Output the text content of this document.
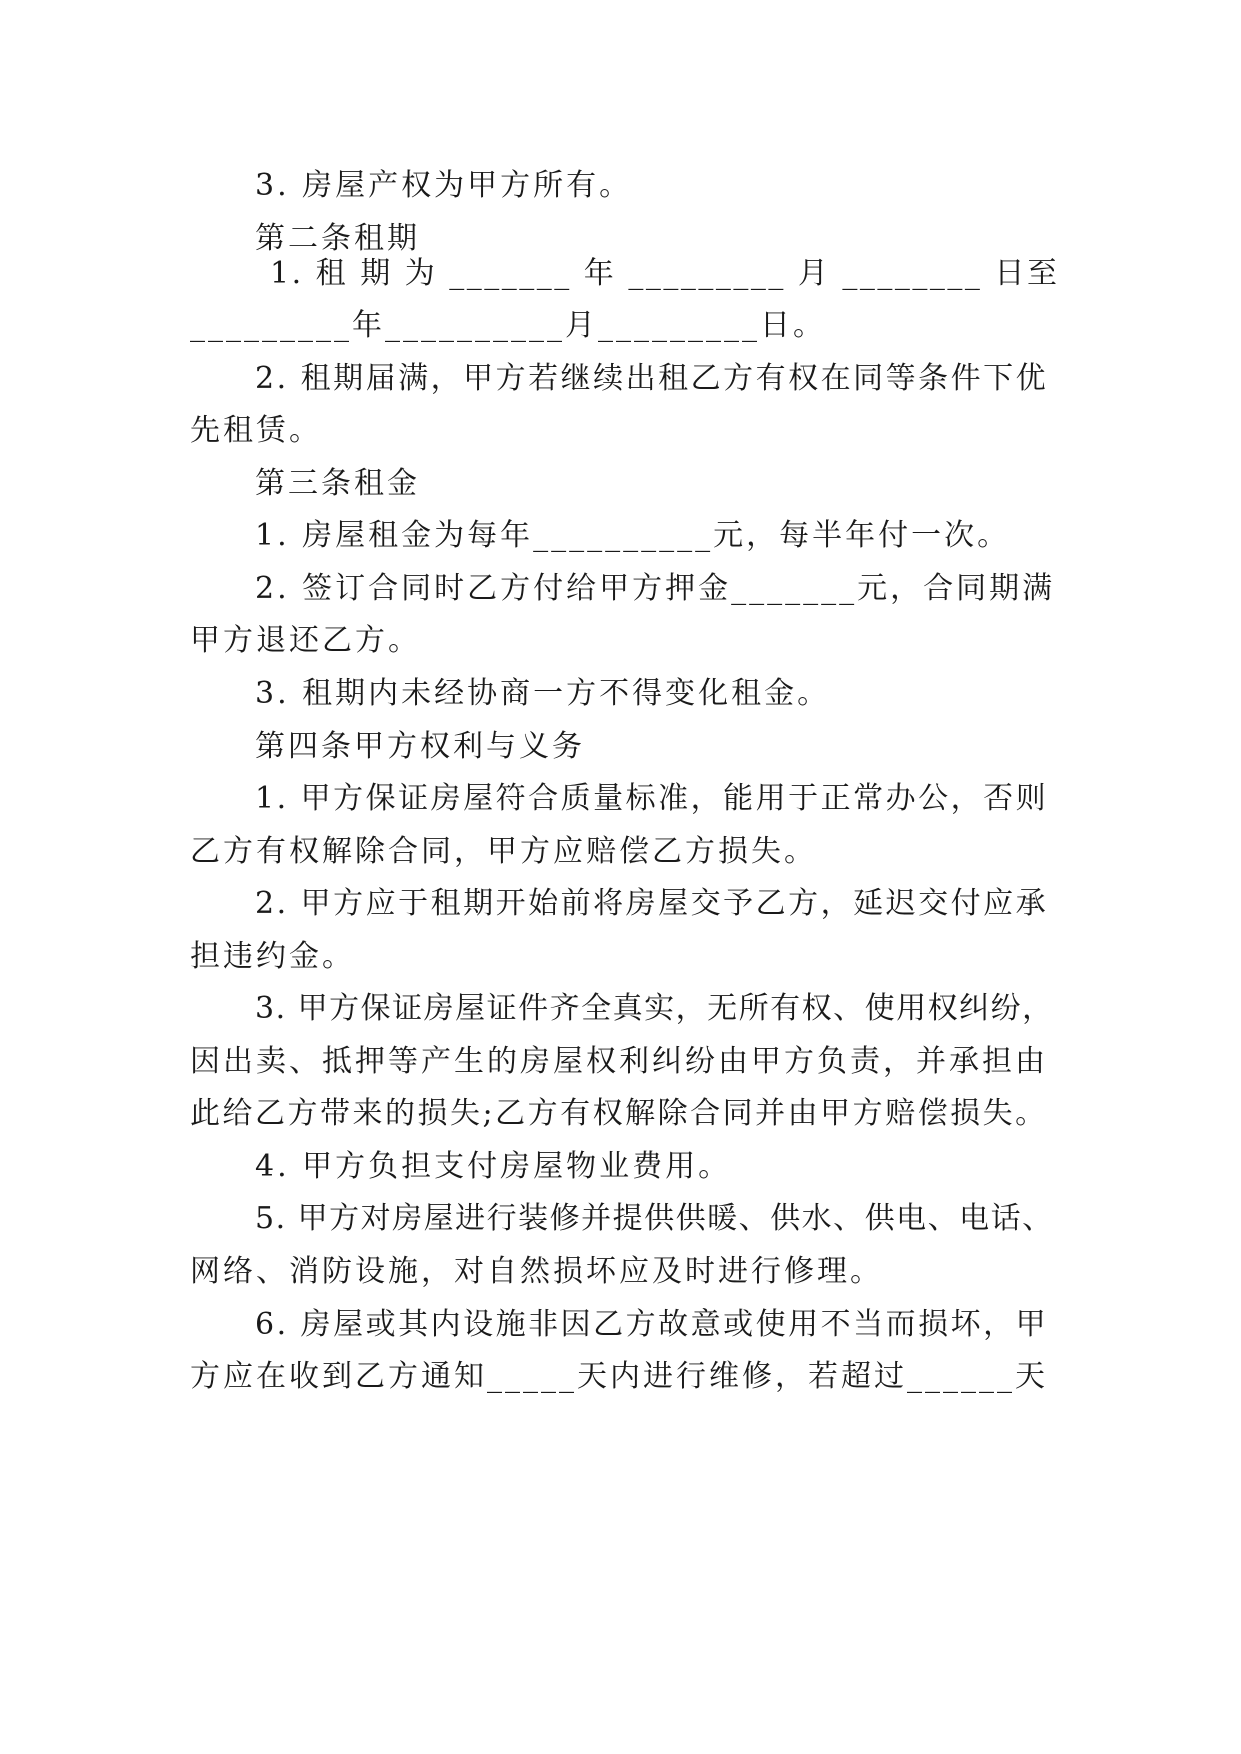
3. 房屋产权为甲方所有。
第二条租期
1. 租 期 为 _______ 年 _________ 月 ________ 日至
_________年__________月_________日。
2. 租期届满，甲方若继续出租乙方有权在同等条件下优
先租赁。
第三条租金
1. 房屋租金为每年__________元，每半年付一次。
2. 签订合同时乙方付给甲方押金_______元，合同期满
甲方退还乙方。
3. 租期内未经协商一方不得变化租金。
第四条甲方权利与义务
1. 甲方保证房屋符合质量标准，能用于正常办公，否则
乙方有权解除合同，甲方应赔偿乙方损失。
2. 甲方应于租期开始前将房屋交予乙方，延迟交付应承
担违约金。
3. 甲方保证房屋证件齐全真实，无所有权、使用权纠纷，
因出卖、抵押等产生的房屋权利纠纷由甲方负责，并承担由
此给乙方带来的损失;乙方有权解除合同并由甲方赔偿损失。
4. 甲方负担支付房屋物业费用。
5. 甲方对房屋进行装修并提供供暖、供水、供电、电话、
网络、消防设施，对自然损坏应及时进行修理。
6. 房屋或其内设施非因乙方故意或使用不当而损坏，甲
方应在收到乙方通知_____天内进行维修，若超过______天
